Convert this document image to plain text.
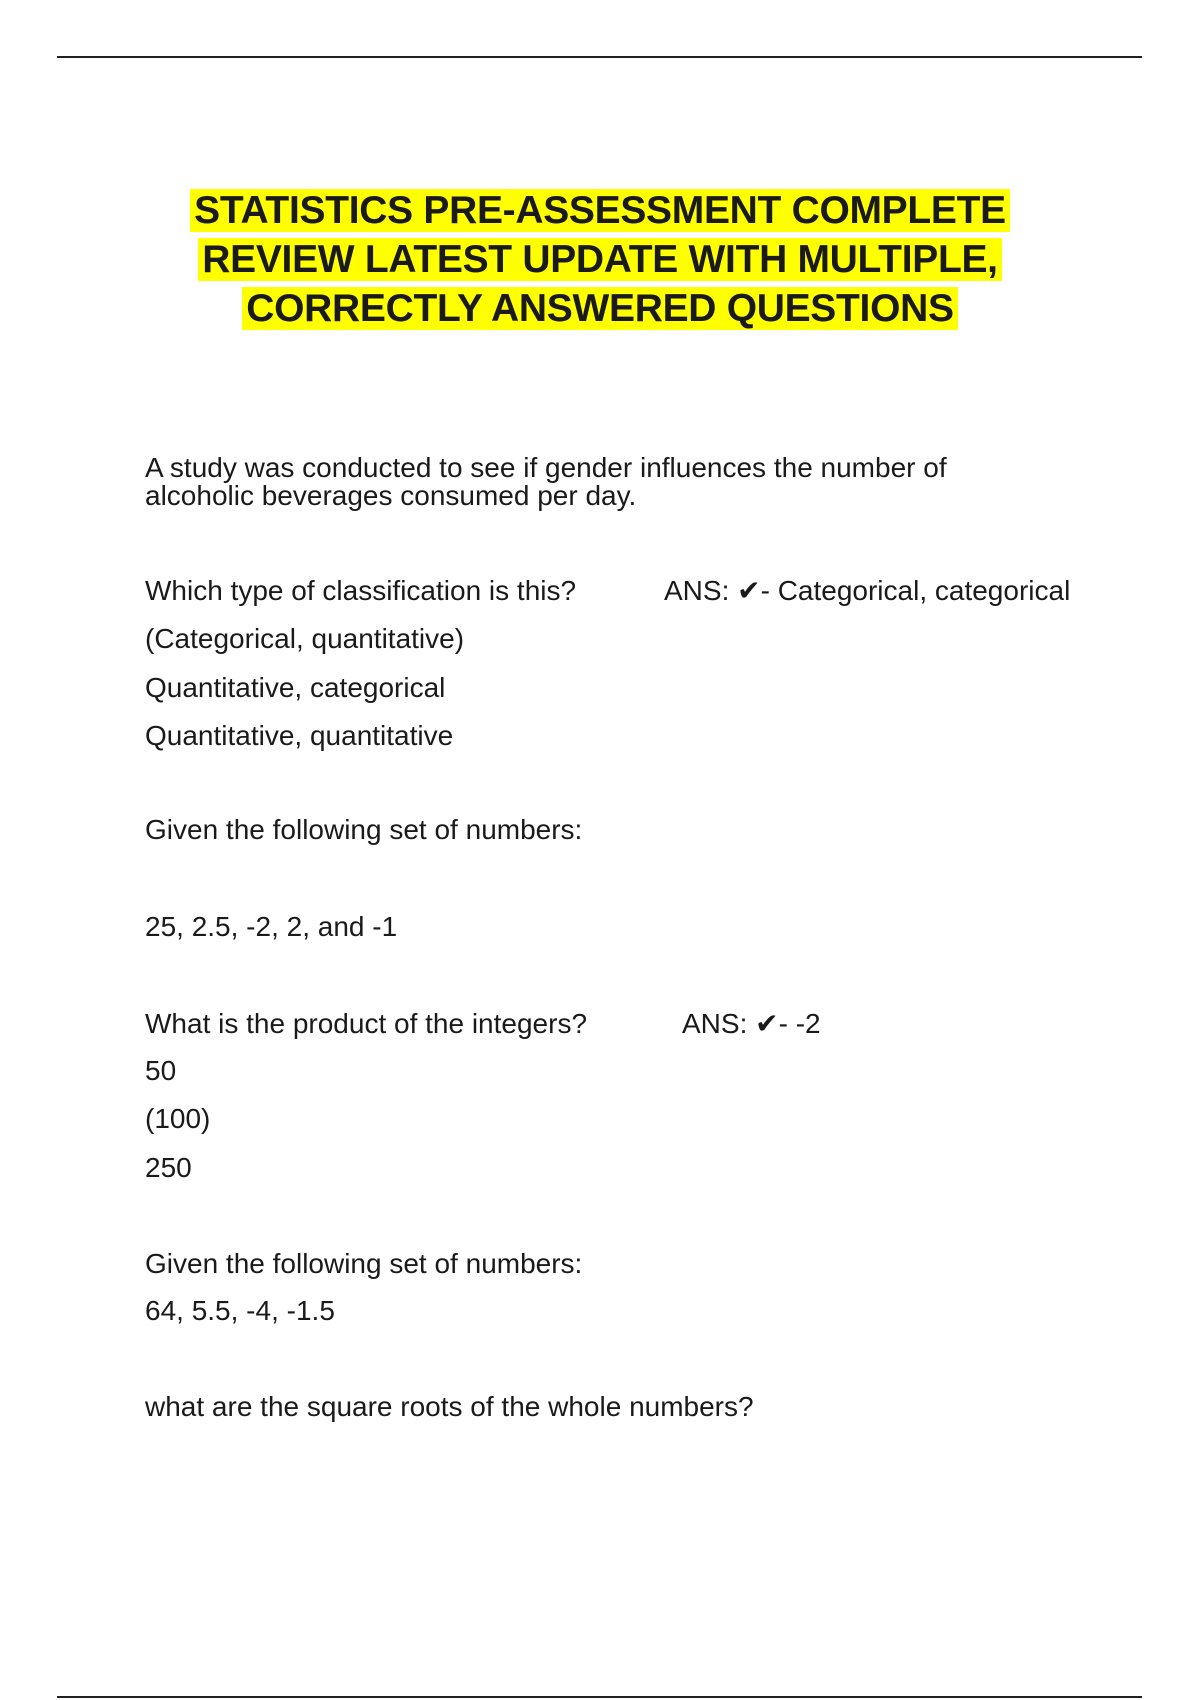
STATISTICS PRE-ASSESSMENT COMPLETE
REVIEW LATEST UPDATE WITH MULTIPLE,
CORRECTLY ANSWERED QUESTIONS
A study was conducted to see if gender influences the number of
alcoholic beverages consumed per day.
Which type of classification is this?	ANS: ✔- Categorical, categorical
(Categorical, quantitative)
Quantitative, categorical
Quantitative, quantitative
Given the following set of numbers:
25, 2.5, -2, 2, and -1
What is the product of the integers?	ANS: ✔- -2
50
(100)
250
Given the following set of numbers:
64, 5.5, -4, -1.5
what are the square roots of the whole numbers?
